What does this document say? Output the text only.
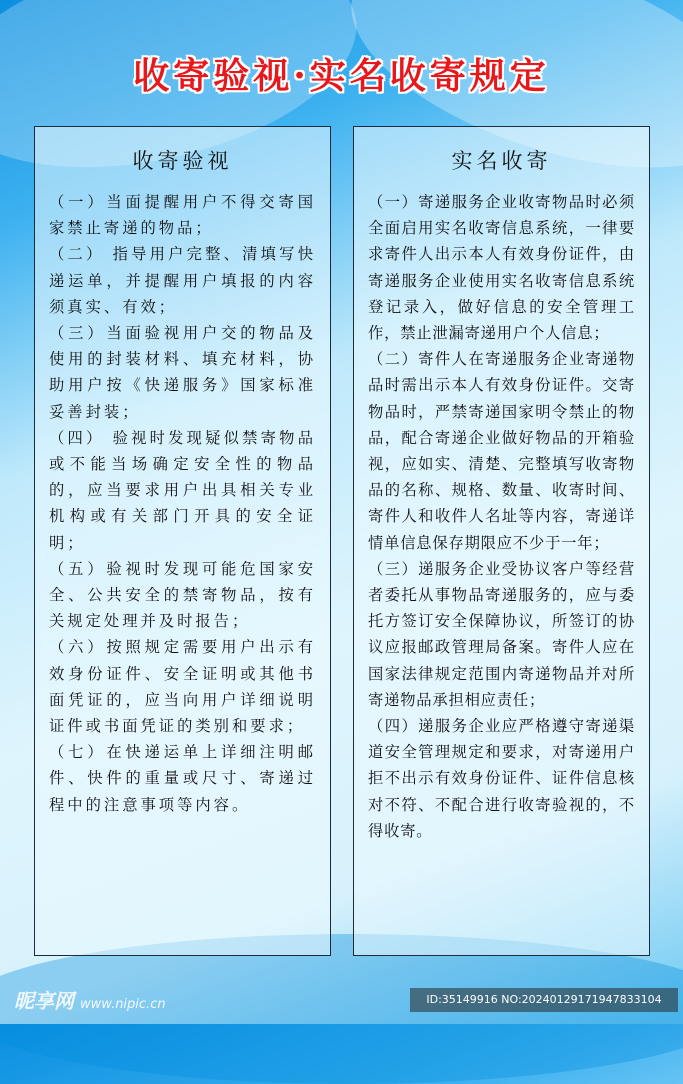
收寄验视·实名收寄规定
收寄验视

（一）当面提醒用户不得交寄国家禁止寄递的物品；

（二） 指导用户完整、清填写快递运单，并提醒用户填报的内容须真实、有效；

（三）当面验视用户交的物品及使用的封装材料、填充材料，协助用户按《快递服务》国家标准妥善封装；

（四） 验视时发现疑似禁寄物品或不能当场确定安全性的物品的，应当要求用户出具相关专业机构或有关部门开具的安全证明；

（五）验视时发现可能危国家安全、公共安全的禁寄物品，按有关规定处理并及时报告；

（六）按照规定需要用户出示有效身份证件、安全证明或其他书面凭证的，应当向用户详细说明证件或书面凭证的类别和要求；

（七）在快递运单上详细注明邮件、快件的重量或尺寸、寄递过程中的注意事项等内容。

实名收寄

（一）寄递服务企业收寄物品时必须全面启用实名收寄信息系统，一律要求寄件人出示本人有效身份证件，由寄递服务企业使用实名收寄信息系统登记录入，做好信息的安全管理工作，禁止泄漏寄递用户个人信息；

（二）寄件人在寄递服务企业寄递物品时需出示本人有效身份证件。交寄物品时，严禁寄递国家明令禁止的物品，配合寄递企业做好物品的开箱验视，应如实、清楚、完整填写收寄物品的名称、规格、数量、收寄时间、寄件人和收件人名址等内容，寄递详情单信息保存期限应不少于一年；

（三）递服务企业受协议客户等经营者委托从事物品寄递服务的，应与委托方签订安全保障协议，所签订的协议应报邮政管理局备案。寄件人应在国家法律规定范围内寄递物品并对所寄递物品承担相应责任；

（四）递服务企业应严格遵守寄递渠道安全管理规定和要求，对寄递用户拒不出示有效身份证件、证件信息核对不符、不配合进行收寄验视的，不得收寄。

昵享网 www.nipic.cn	ID:35149916 NO:20240129171947833104
